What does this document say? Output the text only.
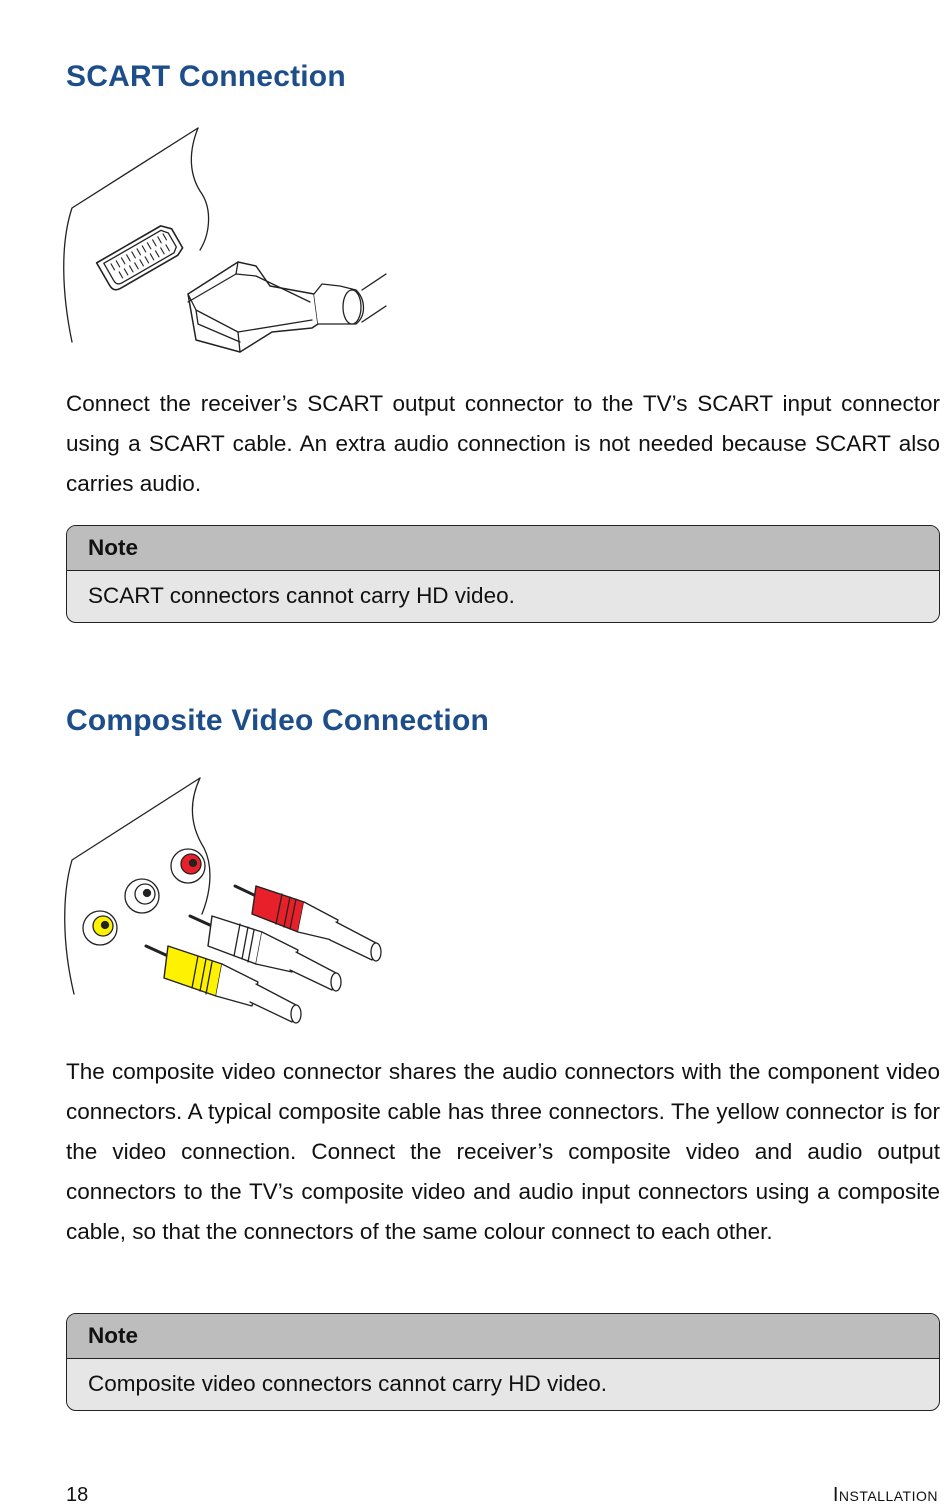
SCART Connection

Connect the receiver’s SCART output connector to the TV’s SCART input connector using a SCART cable. An extra audio connection is not needed because SCART also carries audio.

Note
SCART connectors cannot carry HD video.
Composite Video Connection

The composite video connector shares the audio connectors with the component video connectors. A typical composite cable has three connectors. The yellow connector is for the video connection. Connect the receiver’s composite video and audio output connectors to the TV’s composite video and audio input connectors using a composite cable, so that the connectors of the same colour connect to each other.

Note
Composite video connectors cannot carry HD video.
18	Installation
